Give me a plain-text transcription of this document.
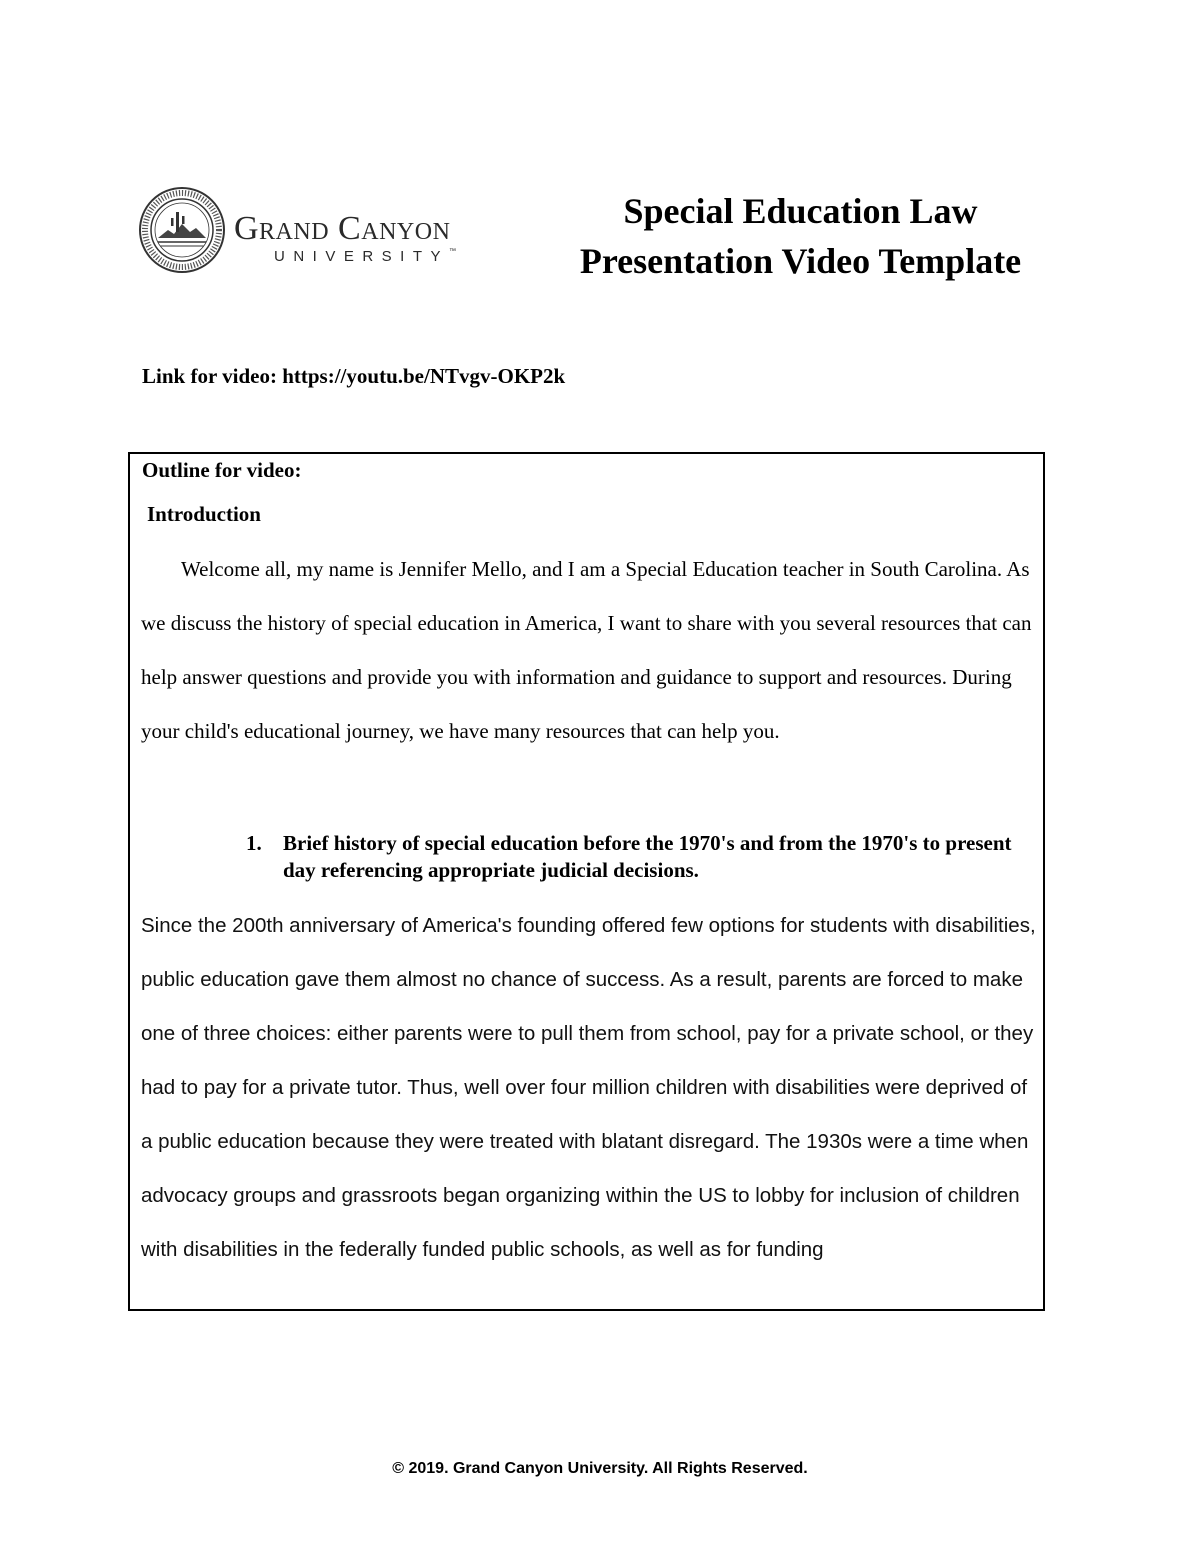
Grand Canyon
UNIVERSITY™
Special Education Law
Presentation Video Template
Link for video: https://youtu.be/NTvgv-OKP2k
Outline for video:
Introduction

Welcome all, my name is Jennifer Mello, and I am a Special Education teacher in South Carolina. As we discuss the history of special education in America, I want to share with you several resources that can help answer questions and provide you with information and guidance to support and resources. During your child's educational journey, we have many resources that can help you.

1. Brief history of special education before the 1970's and from the 1970's to present day referencing appropriate judicial decisions.

Since the 200th anniversary of America's founding offered few options for students with disabilities, public education gave them almost no chance of success. As a result, parents are forced to make one of three choices: either parents were to pull them from school, pay for a private school, or they had to pay for a private tutor. Thus, well over four million children with disabilities were deprived of a public education because they were treated with blatant disregard. The 1930s were a time when advocacy groups and grassroots began organizing within the US to lobby for inclusion of children with disabilities in the federally funded public schools, as well as for funding

© 2019. Grand Canyon University. All Rights Reserved.
